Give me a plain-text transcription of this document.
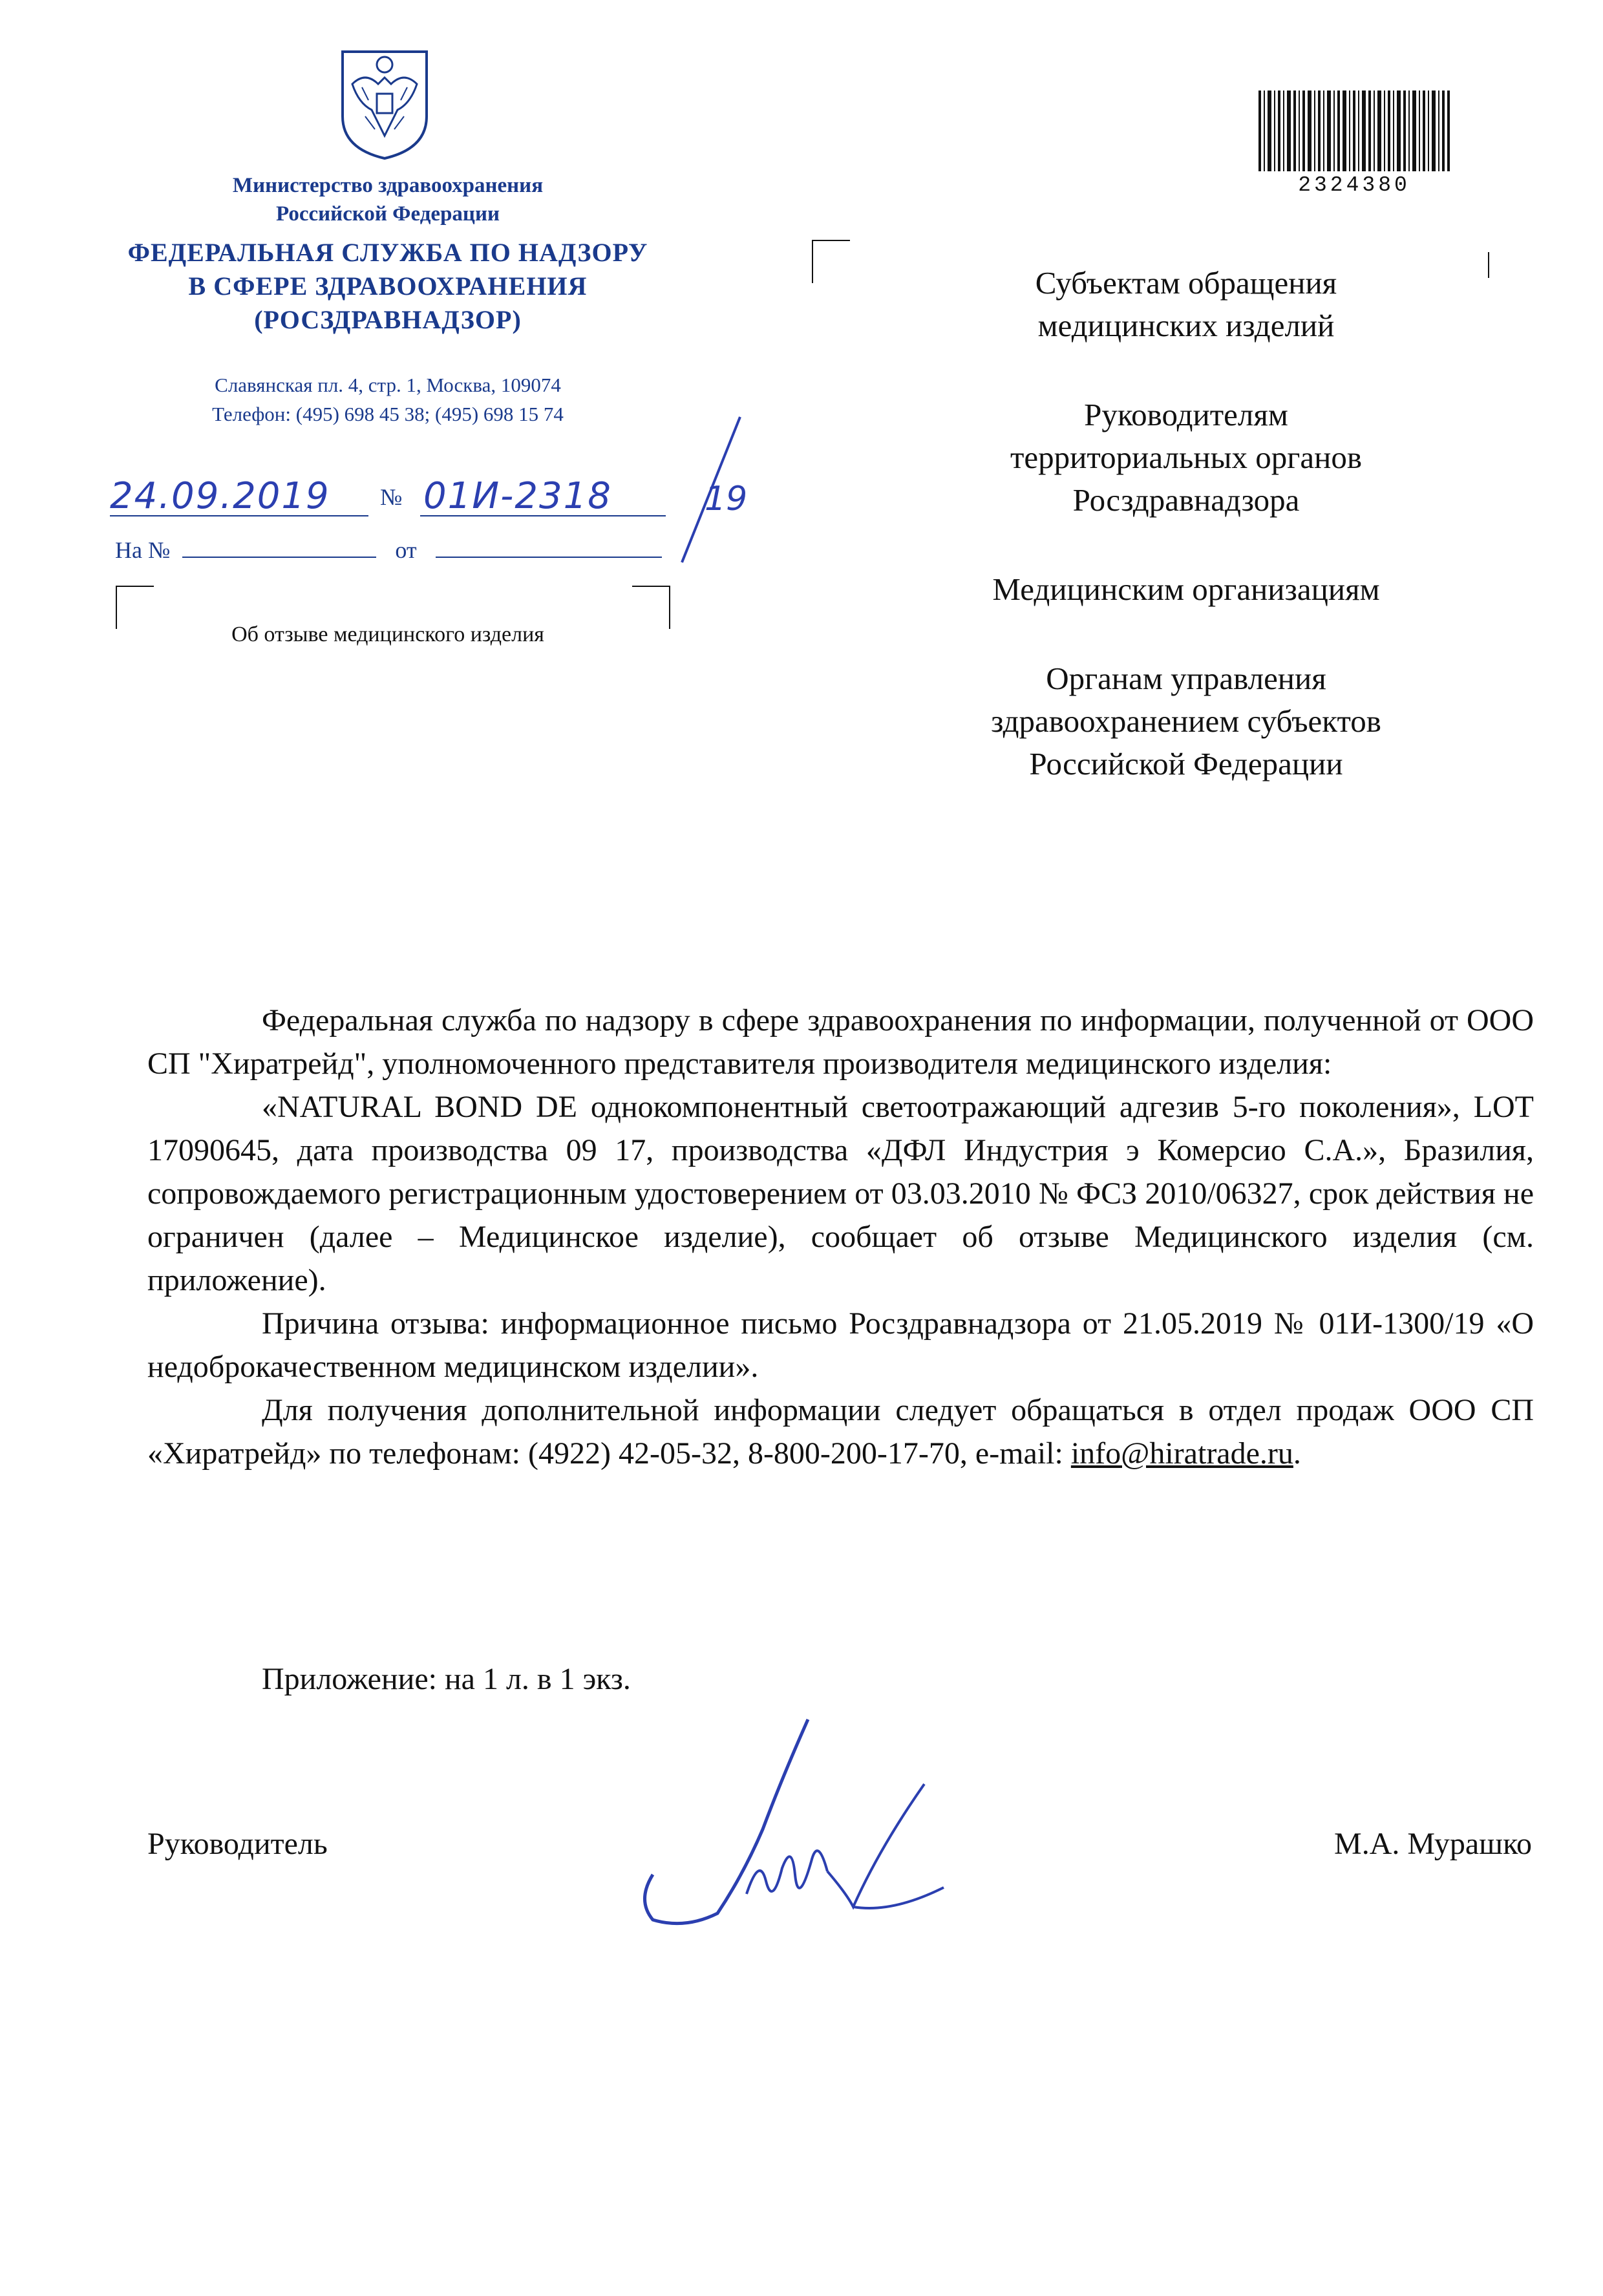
Министерство здравоохранения
Российской Федерации
ФЕДЕРАЛЬНАЯ СЛУЖБА ПО НАДЗОРУ
В СФЕРЕ ЗДРАВООХРАНЕНИЯ
(РОСЗДРАВНАДЗОР)
Славянская пл. 4, стр. 1, Москва, 109074
Телефон: (495) 698 45 38; (495) 698 15 74
24.09.2019 № 01И-2318	19
На №	от
Об отзыве медицинского изделия
2324380

Субъектам обращения медицинских изделий

Руководителям территориальных органов Росздравнадзора

Медицинским организациям

Органам управления здравоохранением субъектов Российской Федерации

Федеральная служба по надзору в сфере здравоохранения по информации, полученной от ООО СП "Хиратрейд", уполномоченного представителя производителя медицинского изделия:

«NATURAL BOND DE однокомпонентный светоотражающий адгезив 5-го поколения», LOT 17090645, дата производства 09 17, производства «ДФЛ Индустрия э Комерсио С.А.», Бразилия, сопровождаемого регистрационным удостоверением от 03.03.2010 № ФСЗ 2010/06327, срок действия не ограничен (далее – Медицинское изделие), сообщает об отзыве Медицинского изделия (см. приложение).

Причина отзыва: информационное письмо Росздравнадзора от 21.05.2019 № 01И-1300/19 «О недоброкачественном медицинском изделии».

Для получения дополнительной информации следует обращаться в отдел продаж ООО СП «Хиратрейд» по телефонам: (4922) 42-05-32, 8-800-200-17-70, e-mail: info@hiratrade.ru.

Приложение: на 1 л. в 1 экз.
Руководитель	М.А. Мурашко
